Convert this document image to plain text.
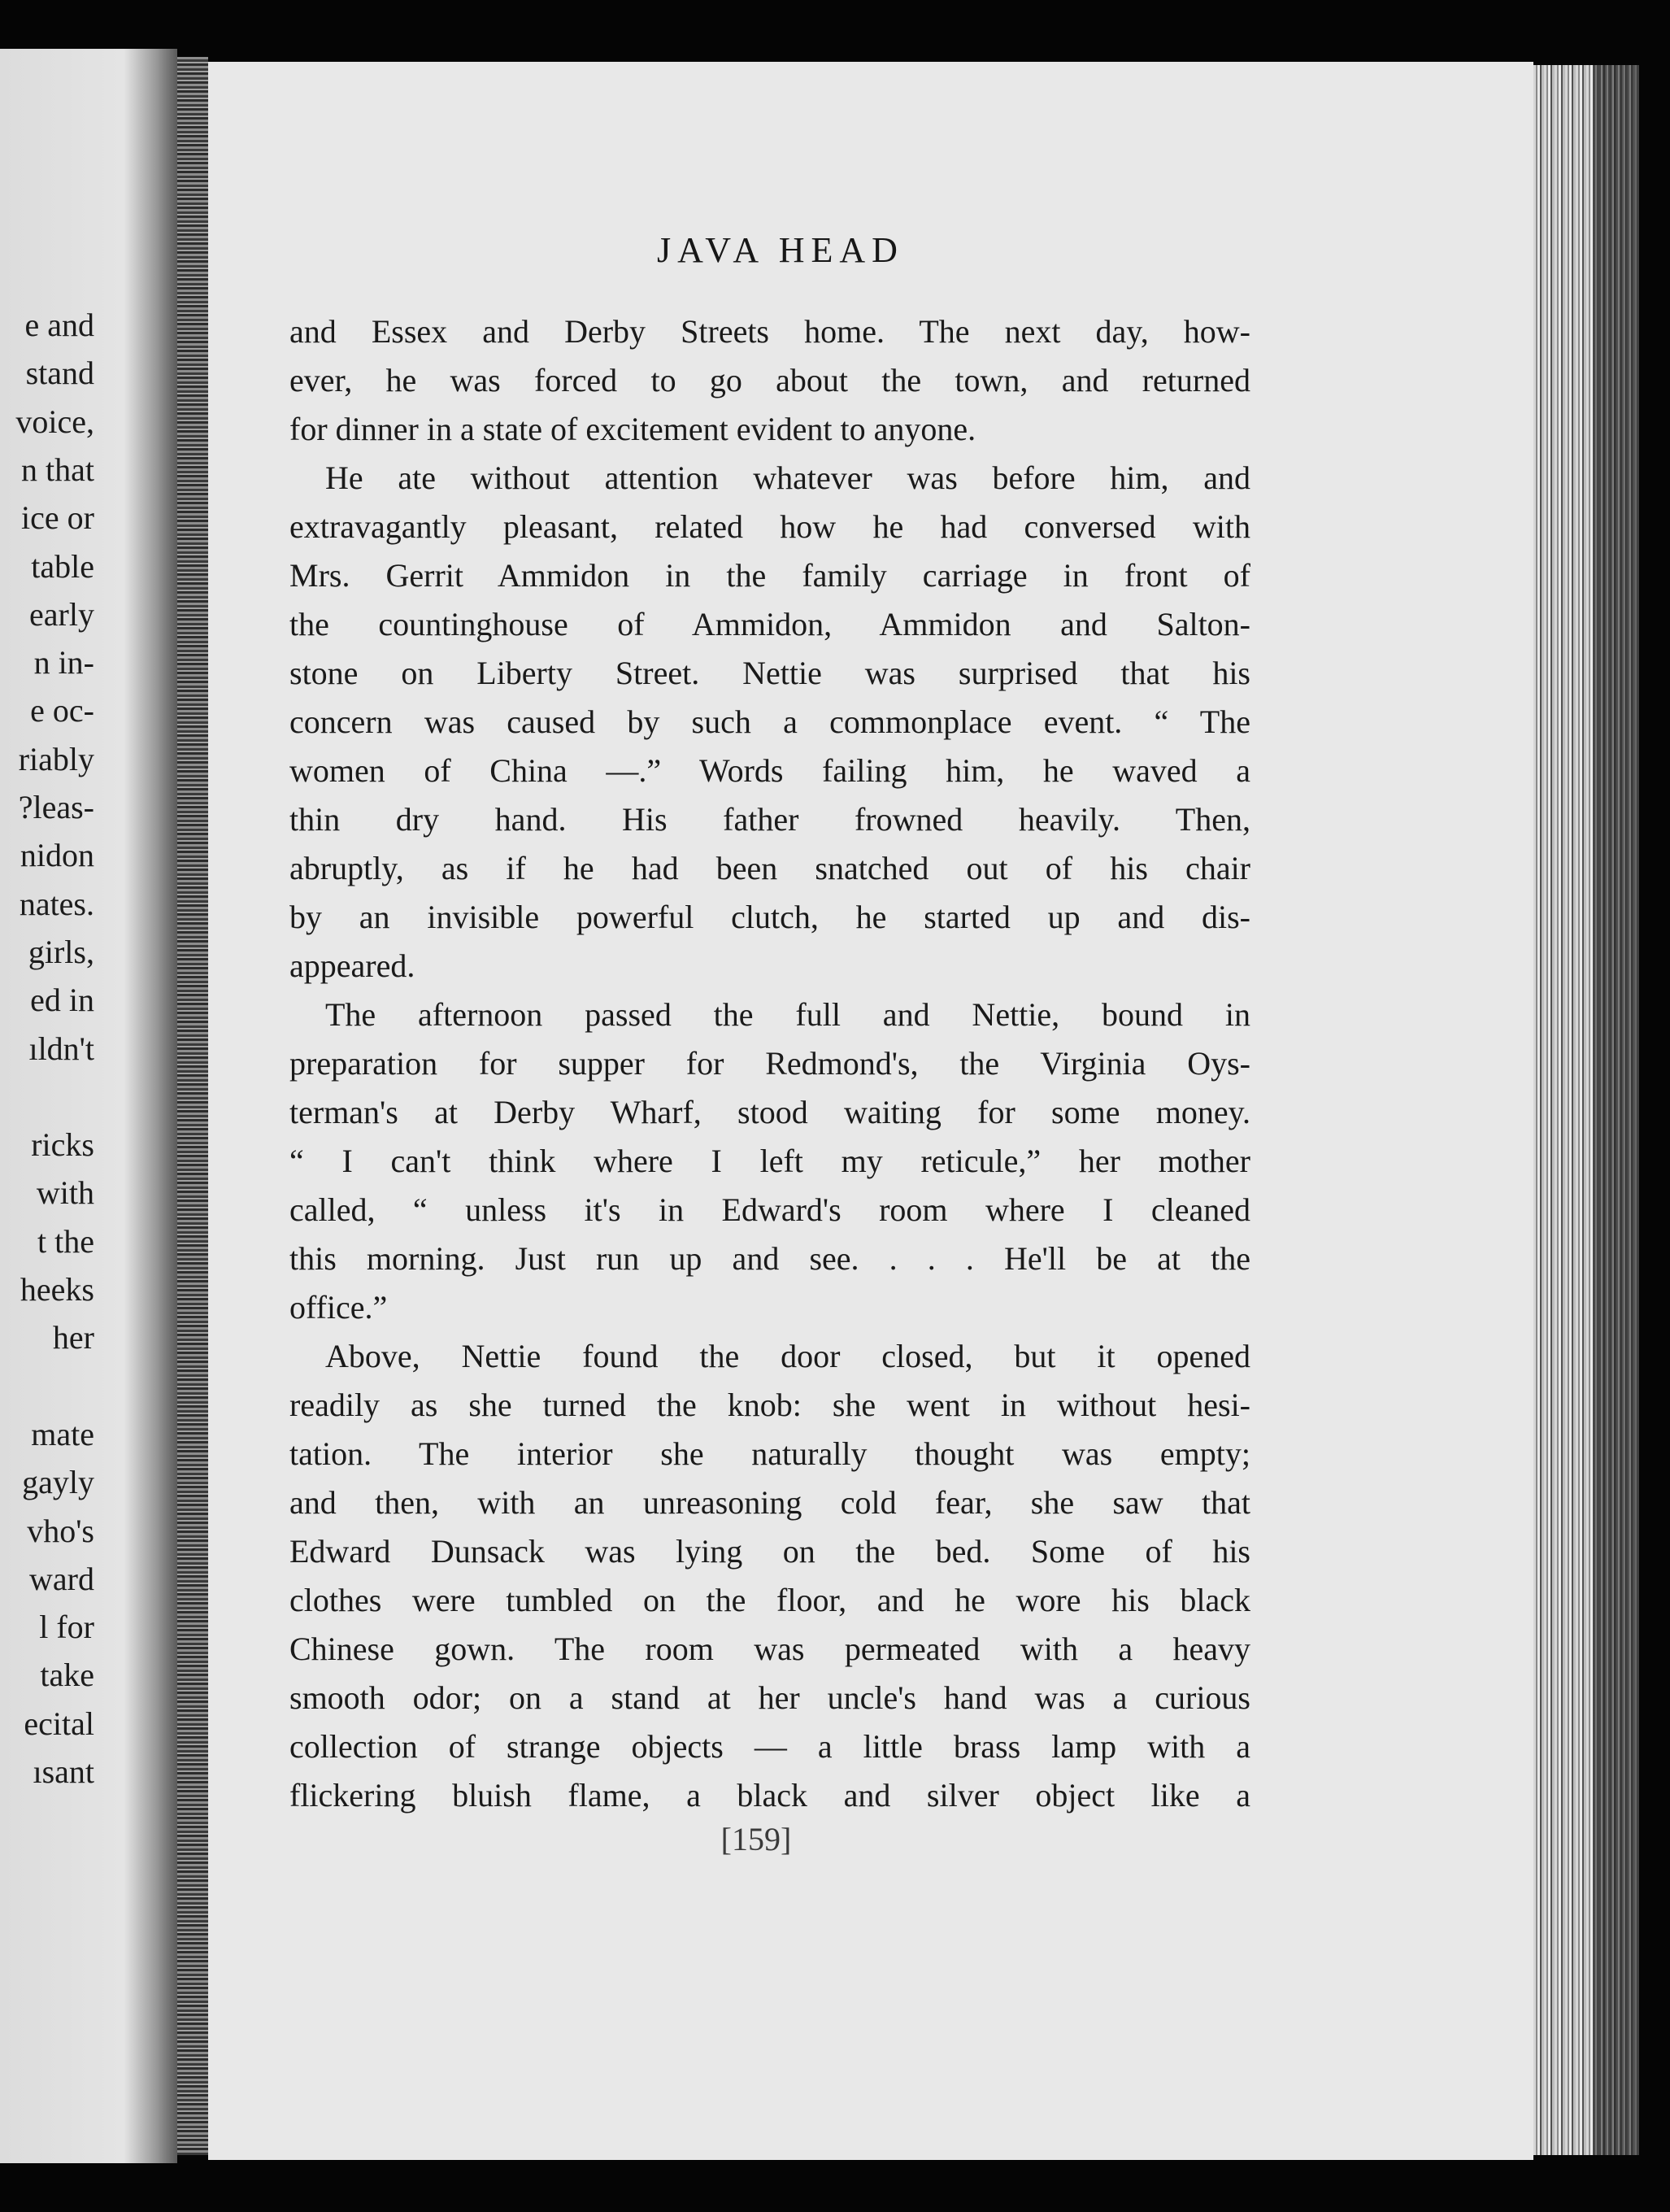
e and
stand
voice,
n that
ice or
table
early
n in-
e oc-
riably
?leas-
nidon
nates.
girls,
ed in
ıldn't
ricks
with
t the
heeks
her
mate
gayly
vho's
ward
l for
take
ecital
ısant
JAVA HEAD

and Essex and Derby Streets home. The next day, how-
ever, he was forced to go about the town, and returned
for dinner in a state of excitement evident to anyone.

He ate without attention whatever was before him, and
extravagantly pleasant, related how he had conversed with
Mrs. Gerrit Ammidon in the family carriage in front of
the countinghouse of Ammidon, Ammidon and Salton-
stone on Liberty Street. Nettie was surprised that his
concern was caused by such a commonplace event. “ The
women of China —.” Words failing him, he waved a
thin dry hand. His father frowned heavily. Then,
abruptly, as if he had been snatched out of his chair
by an invisible powerful clutch, he started up and dis-
appeared.

The afternoon passed the full and Nettie, bound in
preparation for supper for Redmond's, the Virginia Oys-
terman's at Derby Wharf, stood waiting for some money.
“ I can't think where I left my reticule,” her mother
called, “ unless it's in Edward's room where I cleaned
this morning. Just run up and see. . . . He'll be at the
office.”

Above, Nettie found the door closed, but it opened
readily as she turned the knob: she went in without hesi-
tation. The interior she naturally thought was empty;
and then, with an unreasoning cold fear, she saw that
Edward Dunsack was lying on the bed. Some of his
clothes were tumbled on the floor, and he wore his black
Chinese gown. The room was permeated with a heavy
smooth odor; on a stand at her uncle's hand was a curious
collection of strange objects — a little brass lamp with a
flickering bluish flame, a black and silver object like a

[159]
